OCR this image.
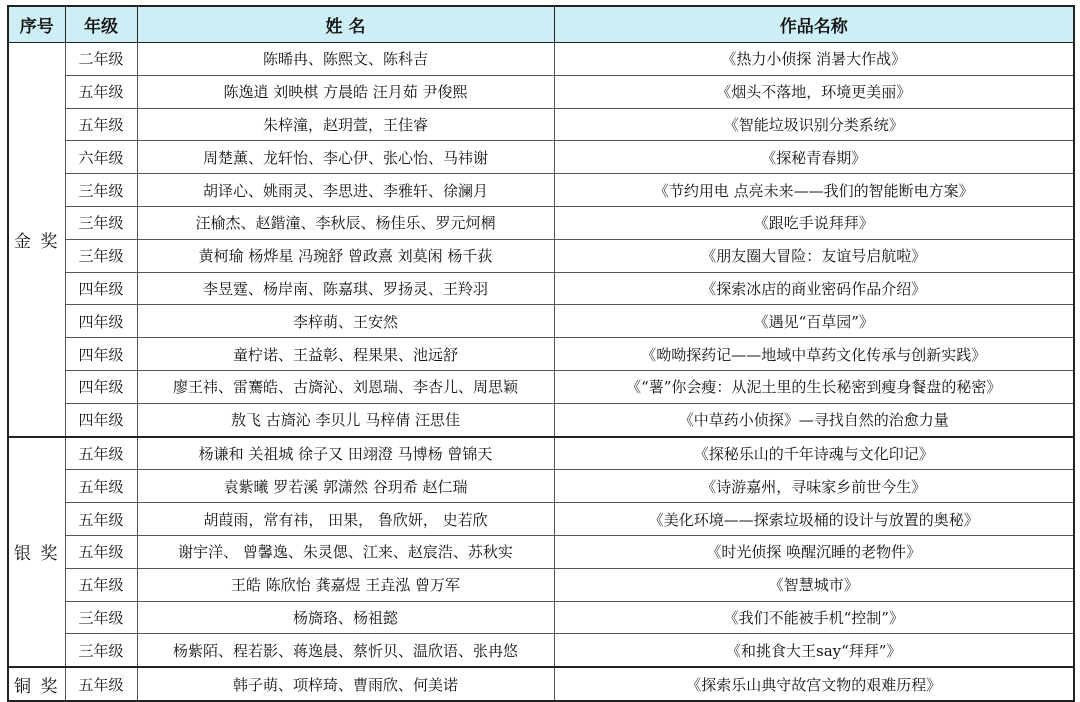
序号	年级	姓 名	作品名称
金 奖	二年级	陈晞冉、陈熙文、陈科吉	《热力小侦探 消暑大作战》
	五年级	陈逸逍 刘映棋 方晨皓 汪月茹 尹俊熙	《烟头不落地，环境更美丽》
	五年级	朱梓潼，赵玥萱，王佳睿	《智能垃圾识别分类系统》
	六年级	周楚薰、龙轩怡、李心伊、张心怡、马祎谢	《探秘青春期》
	三年级	胡译心、姚雨灵、李思进、李雅轩、徐澜月	《节约用电 点亮未来——我们的智能断电方案》
	三年级	汪榆杰、赵鍇潼、李秋辰、杨佳乐、罗元炣棢	《跟吃手说拜拜》
	三年级	黄柯瑜 杨烨星 冯琬舒 曾政熹 刘莫闲 杨千荻	《朋友圈大冒险：友谊号启航啦》
	四年级	李昱霆、杨岸南、陈嘉琪、罗扬灵、王羚羽	《探索冰店的商业密码作品介绍》
	四年级	李梓萌、王安然	《遇见“百草园”》
	四年级	童柠诺、王益彰、程果果、池远舒	《呦呦探药记——地域中草药文化传承与创新实践》
	四年级	廖王祎、雷騫皓、古旖沁、刘恩瑞、李杏儿、周思颖	《“薯”你会瘦：从泥土里的生长秘密到瘦身餐盘的秘密》
	四年级	敖飞 古旖沁 李贝儿 马梓倩 汪思佳	《中草药小侦探》—寻找自然的治愈力量
银 奖	五年级	杨谦和 关祖城 徐子又 田翊澄 马博杨 曾锦天	《探秘乐山的千年诗魂与文化印记》
	五年级	袁紫曦 罗若溪 郭潇然 谷玥希 赵仁瑞	《诗游嘉州，寻味家乡前世今生》
	五年级	胡葭雨，常有祎， 田果， 鲁欣妍， 史若欣	《美化环境——探索垃圾桶的设计与放置的奥秘》
	五年级	谢宇洋、 曾馨逸、朱灵偲、江来、赵宸浩、苏秋实	《时光侦探 唤醒沉睡的老物件》
	五年级	王皓 陈欣怡 龚嘉煜 王垚泓 曾万军	《智慧城市》
	三年级	杨旖珞、杨祖懿	《我们不能被手机“控制”》
	三年级	杨紫陌、程若影、蒋逸晨、蔡忻贝、温欣语、张冉悠	《和挑食大王say“拜拜”》
铜 奖	五年级	韩子萌、项梓琦、曹雨欣、何美诺	《探索乐山典守故宫文物的艰难历程》
